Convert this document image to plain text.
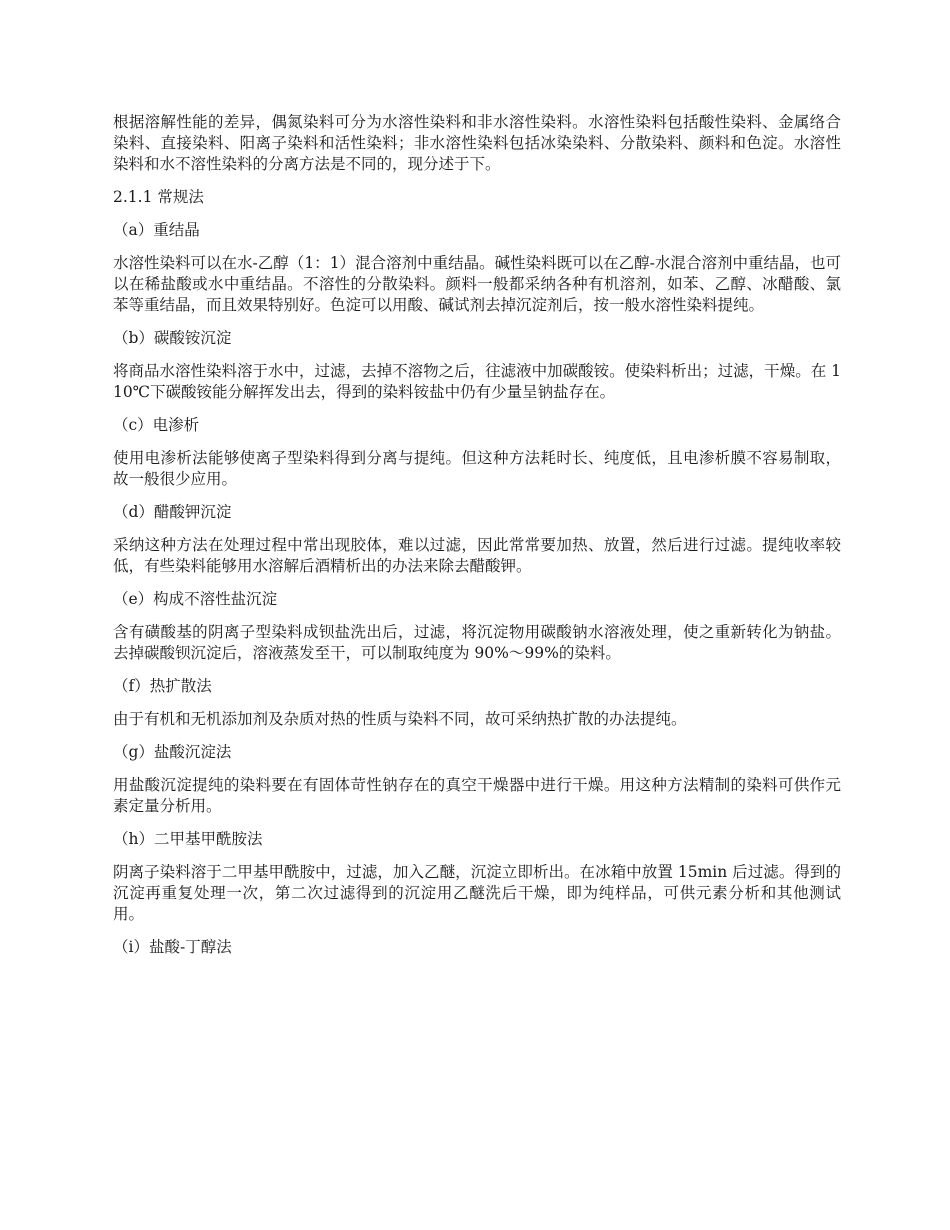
根据溶解性能的差异，偶氮染料可分为水溶性染料和非水溶性染料。水溶性染料包括酸性染料、金属络合染料、直接染料、阳离子染料和活性染料；非水溶性染料包括冰染染料、分散染料、颜料和色淀。水溶性染料和水不溶性染料的分离方法是不同的，现分述于下。

2.1.1 常规法

（a）重结晶

水溶性染料可以在水-乙醇（1：1）混合溶剂中重结晶。碱性染料既可以在乙醇-水混合溶剂中重结晶，也可以在稀盐酸或水中重结晶。不溶性的分散染料。颜料一般都采纳各种有机溶剂，如苯、乙醇、冰醋酸、氯苯等重结晶，而且效果特别好。色淀可以用酸、碱试剂去掉沉淀剂后，按一般水溶性染料提纯。

（b）碳酸铵沉淀

将商品水溶性染料溶于水中，过滤，去掉不溶物之后，往滤液中加碳酸铵。使染料析出；过滤，干燥。在 110℃下碳酸铵能分解挥发出去，得到的染料铵盐中仍有少量呈钠盐存在。

（c）电渗析

使用电渗析法能够使离子型染料得到分离与提纯。但这种方法耗时长、纯度低，且电渗析膜不容易制取，故一般很少应用。

（d）醋酸钾沉淀

采纳这种方法在处理过程中常出现胶体，难以过滤，因此常常要加热、放置，然后进行过滤。提纯收率较低，有些染料能够用水溶解后酒精析出的办法来除去醋酸钾。

（e）构成不溶性盐沉淀

含有磺酸基的阴离子型染料成钡盐洗出后，过滤，将沉淀物用碳酸钠水溶液处理，使之重新转化为钠盐。去掉碳酸钡沉淀后，溶液蒸发至干，可以制取纯度为 90%～99%的染料。

（f）热扩散法

由于有机和无机添加剂及杂质对热的性质与染料不同，故可采纳热扩散的办法提纯。

（g）盐酸沉淀法

用盐酸沉淀提纯的染料要在有固体苛性钠存在的真空干燥器中进行干燥。用这种方法精制的染料可供作元素定量分析用。

（h）二甲基甲酰胺法

阴离子染料溶于二甲基甲酰胺中，过滤，加入乙醚，沉淀立即析出。在冰箱中放置 15min 后过滤。得到的沉淀再重复处理一次，第二次过滤得到的沉淀用乙醚洗后干燥，即为纯样品，可供元素分析和其他测试用。

（i）盐酸-丁醇法
